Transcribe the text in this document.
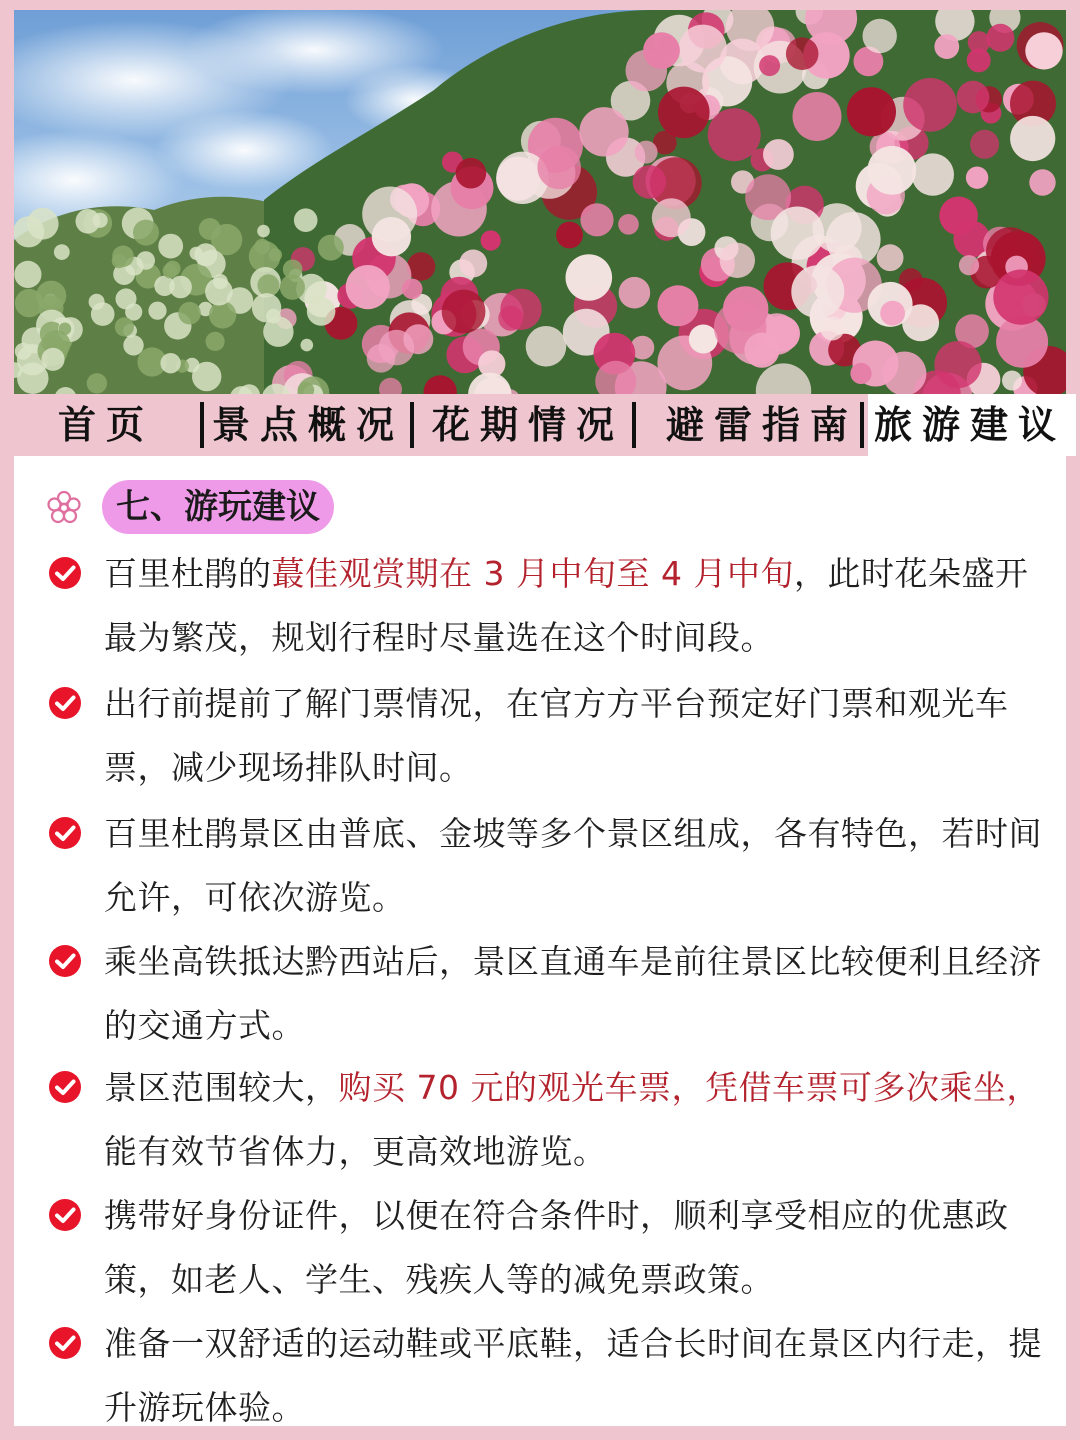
首页 景点概况 花期情况 避雷指南 旅游建议
七、游玩建议
百里杜鹃的蕞佳观赏期在 3 月中旬至 4 月中旬，此时花朵盛开最为繁茂，规划行程时尽量选在这个时间段。
出行前提前了解门票情况，在官方方平台预定好门票和观光车票，减少现场排队时间。
百里杜鹃景区由普底、金坡等多个景区组成，各有特色，若时间允许，可依次游览。
乘坐高铁抵达黔西站后，景区直通车是前往景区比较便利且经济的交通方式。
景区范围较大，购买 70 元的观光车票，凭借车票可多次乘坐，能有效节省体力，更高效地游览。
携带好身份证件，以便在符合条件时，顺利享受相应的优惠政策，如老人、学生、残疾人等的减免票政策。
准备一双舒适的运动鞋或平底鞋，适合长时间在景区内行走，提升游玩体验。
